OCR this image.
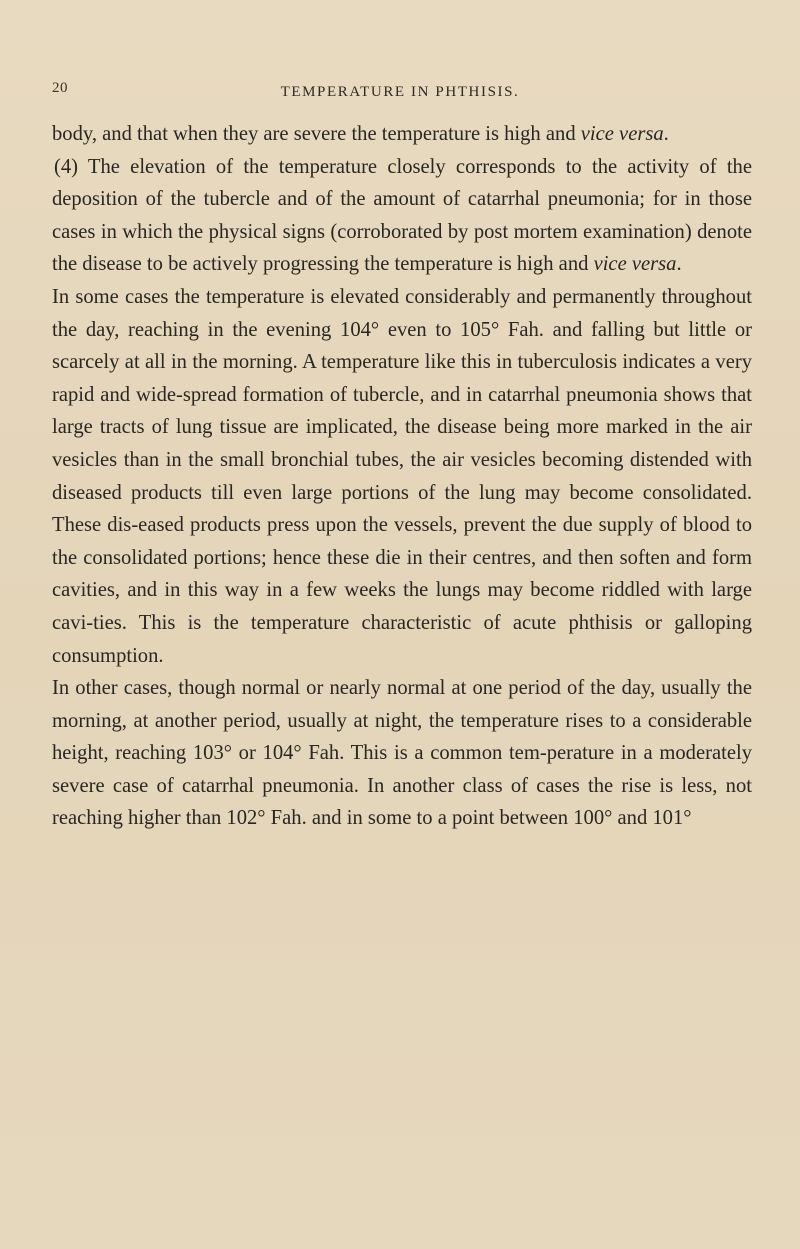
20	TEMPERATURE IN PHTHISIS.

body, and that when they are severe the temperature is high and vice versa.

(4) The elevation of the temperature closely corresponds to the activity of the deposition of the tubercle and of the amount of catarrhal pneumonia; for in those cases in which the physical signs (corroborated by post mortem examination) denote the disease to be actively progressing the temperature is high and vice versa.

In some cases the temperature is elevated considerably and permanently throughout the day, reaching in the evening 104° even to 105° Fah. and falling but little or scarcely at all in the morning. A temperature like this in tuberculosis indicates a very rapid and wide-spread formation of tubercle, and in catarrhal pneumonia shows that large tracts of lung tissue are implicated, the disease being more marked in the air vesicles than in the small bronchial tubes, the air vesicles becoming distended with diseased products till even large portions of the lung may become consolidated. These dis-eased products press upon the vessels, prevent the due supply of blood to the consolidated portions; hence these die in their centres, and then soften and form cavities, and in this way in a few weeks the lungs may become riddled with large cavi-ties. This is the temperature characteristic of acute phthisis or galloping consumption.

In other cases, though normal or nearly normal at one period of the day, usually the morning, at another period, usually at night, the temperature rises to a considerable height, reaching 103° or 104° Fah. This is a common tem-perature in a moderately severe case of catarrhal pneumonia. In another class of cases the rise is less, not reaching higher than 102° Fah. and in some to a point between 100° and 101°
